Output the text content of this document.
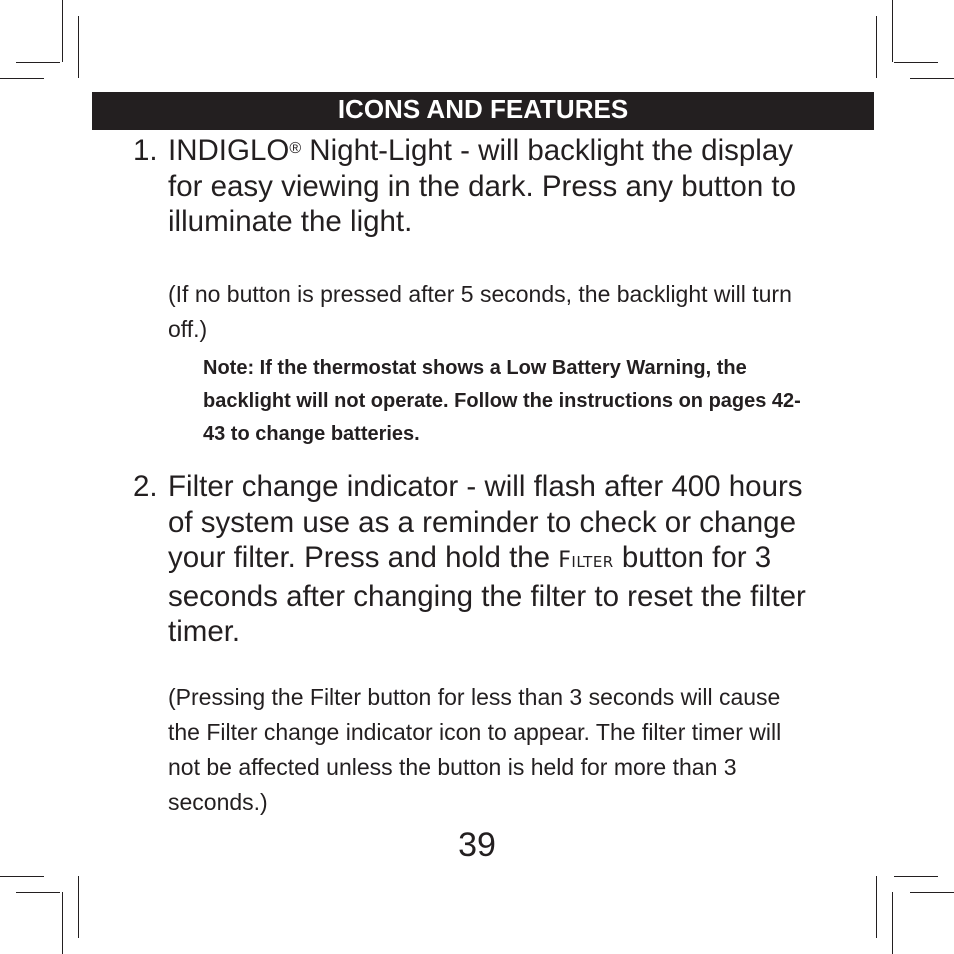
ICONS AND FEATURES
1. INDIGLO® Night-Light - will backlight the display for easy viewing in the dark. Press any button to illuminate the light.
(If no button is pressed after 5 seconds, the backlight will turn off.)
Note: If the thermostat shows a Low Battery Warning, the backlight will not operate. Follow the instructions on pages 42-43 to change batteries.
2. Filter change indicator - will flash after 400 hours of system use as a reminder to check or change your filter. Press and hold the Filter button for 3 seconds after changing the filter to reset the filter timer.
(Pressing the Filter button for less than 3 seconds will cause the Filter change indicator icon to appear. The filter timer will not be affected unless the button is held for more than 3 seconds.)
39
